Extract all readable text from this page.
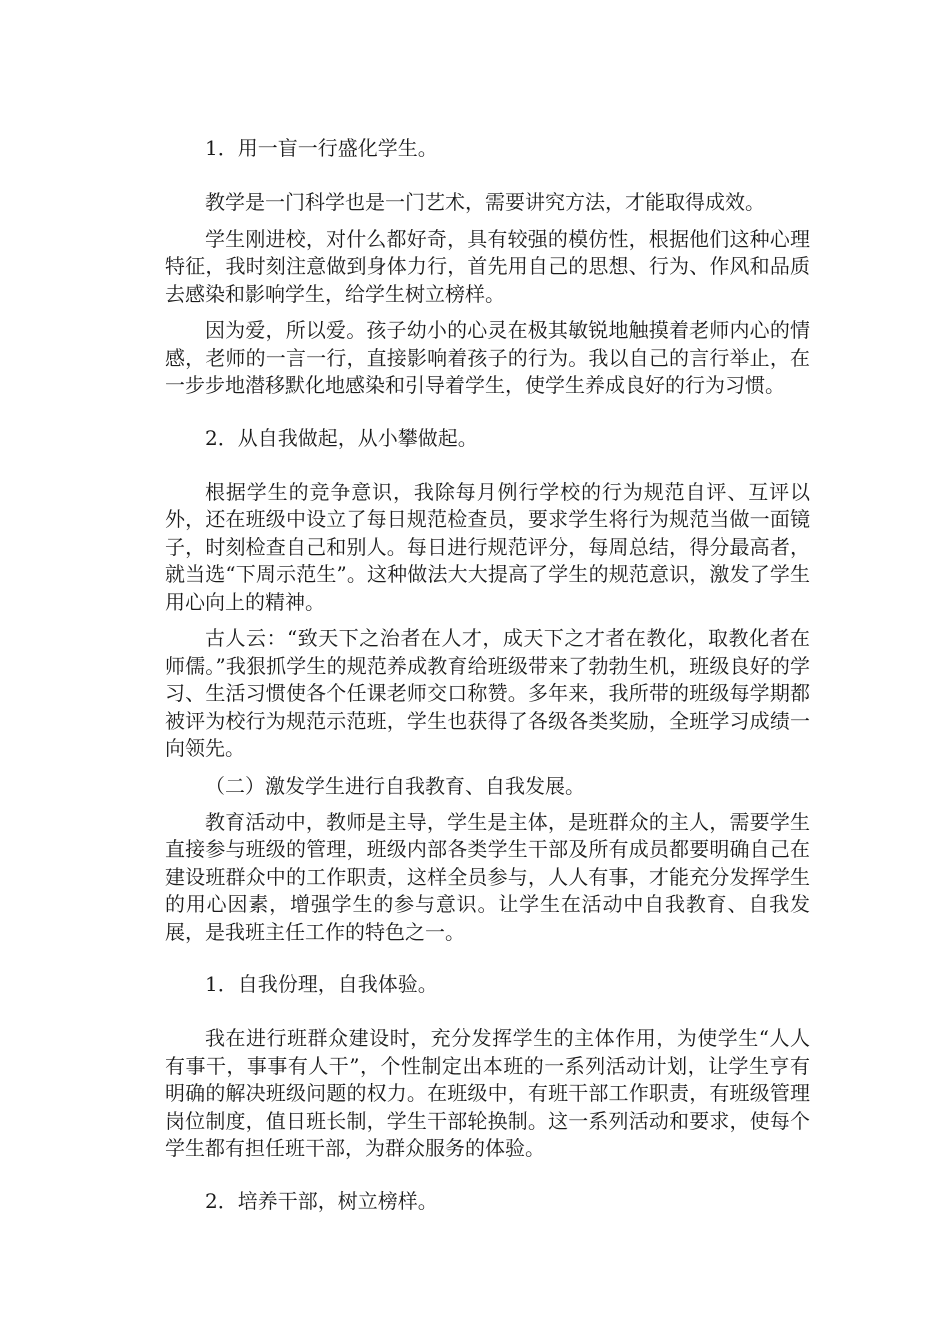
1．用一盲一行盛化学生。

教学是一门科学也是一门艺术，需要讲究方法，才能取得成效。

学生刚进校，对什么都好奇，具有较强的模仿性，根据他们这种心理特征，我时刻注意做到身体力行，首先用自己的思想、行为、作风和品质去感染和影响学生，给学生树立榜样。

因为爱，所以爱。孩子幼小的心灵在极其敏锐地触摸着老师内心的情感，老师的一言一行，直接影响着孩子的行为。我以自己的言行举止，在一步步地潜移默化地感染和引导着学生，使学生养成良好的行为习惯。

2．从自我做起，从小攀做起。

根据学生的竞争意识，我除每月例行学校的行为规范自评、互评以外，还在班级中设立了每日规范检查员，要求学生将行为规范当做一面镜子，时刻检查自己和别人。每日进行规范评分，每周总结，得分最高者，就当选“下周示范生”。这种做法大大提高了学生的规范意识，激发了学生用心向上的精神。

古人云：“致天下之治者在人才，成天下之才者在教化，取教化者在师儒。”我狠抓学生的规范养成教育给班级带来了勃勃生机，班级良好的学习、生活习惯使各个任课老师交口称赞。多年来，我所带的班级每学期都被评为校行为规范示范班，学生也获得了各级各类奖励，全班学习成绩一向领先。

（二）激发学生进行自我教育、自我发展。

教育活动中，教师是主导，学生是主体，是班群众的主人，需要学生直接参与班级的管理，班级内部各类学生干部及所有成员都要明确自己在建设班群众中的工作职责，这样全员参与，人人有事，才能充分发挥学生的用心因素，增强学生的参与意识。让学生在活动中自我教育、自我发展，是我班主任工作的特色之一。

1．自我份理，自我体验。

我在进行班群众建设时，充分发挥学生的主体作用，为使学生“人人有事干，事事有人干”，个性制定出本班的一系列活动计划，让学生亨有明确的解决班级问题的权力。在班级中，有班干部工作职责，有班级管理岗位制度，值日班长制，学生干部轮换制。这一系列活动和要求，使每个学生都有担任班干部，为群众服务的体验。

2．培养干部，树立榜样。
